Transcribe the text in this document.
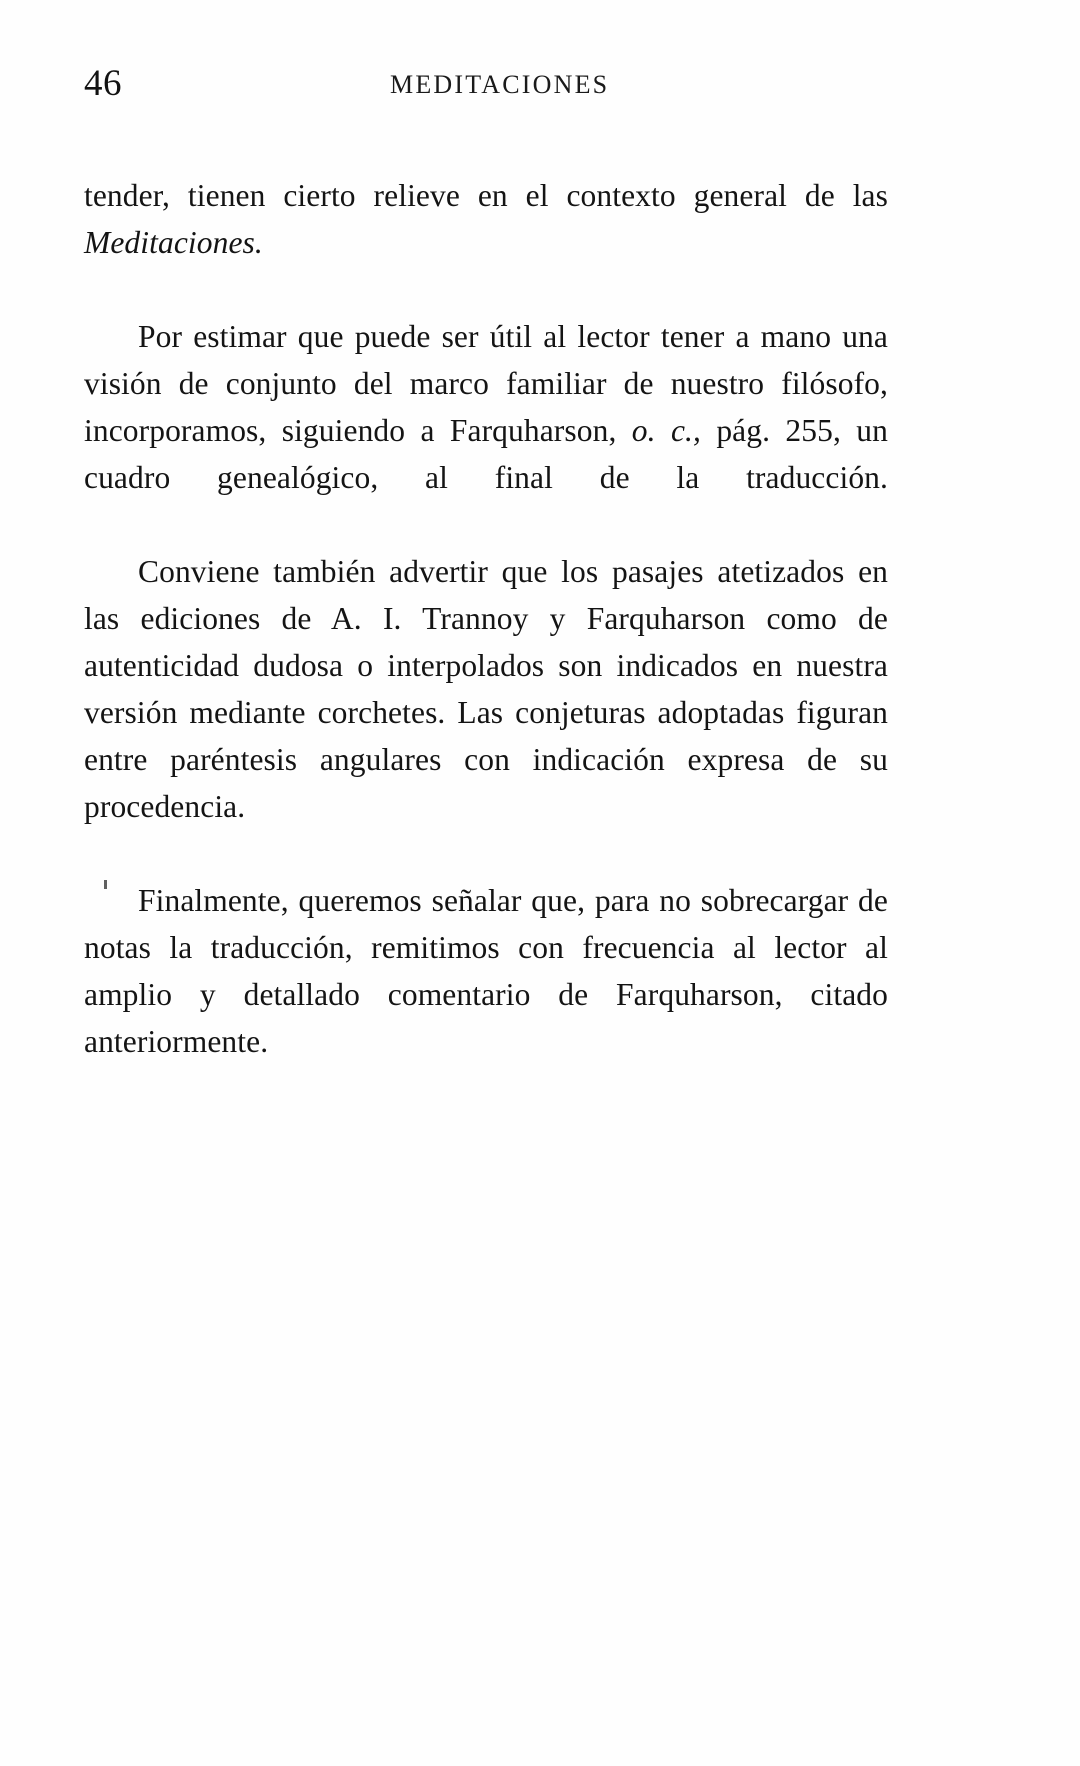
46	MEDITACIONES

tender, tienen cierto relieve en el contexto general de las Meditaciones.

Por estimar que puede ser útil al lector tener a mano una visión de conjunto del marco familiar de nuestro filósofo, incorporamos, siguiendo a Farquharson, o. c., pág. 255, un cuadro genealógico, al final de la traducción.

Conviene también advertir que los pasajes atetizados en las ediciones de A. I. Trannoy y Farquharson como de autenticidad dudosa o interpolados son indicados en nuestra versión mediante corchetes. Las conjeturas adoptadas figuran entre paréntesis angulares con indicación expresa de su procedencia.

Finalmente, queremos señalar que, para no sobrecargar de notas la traducción, remitimos con frecuencia al lector al amplio y detallado comentario de Farquharson, citado anteriormente.
